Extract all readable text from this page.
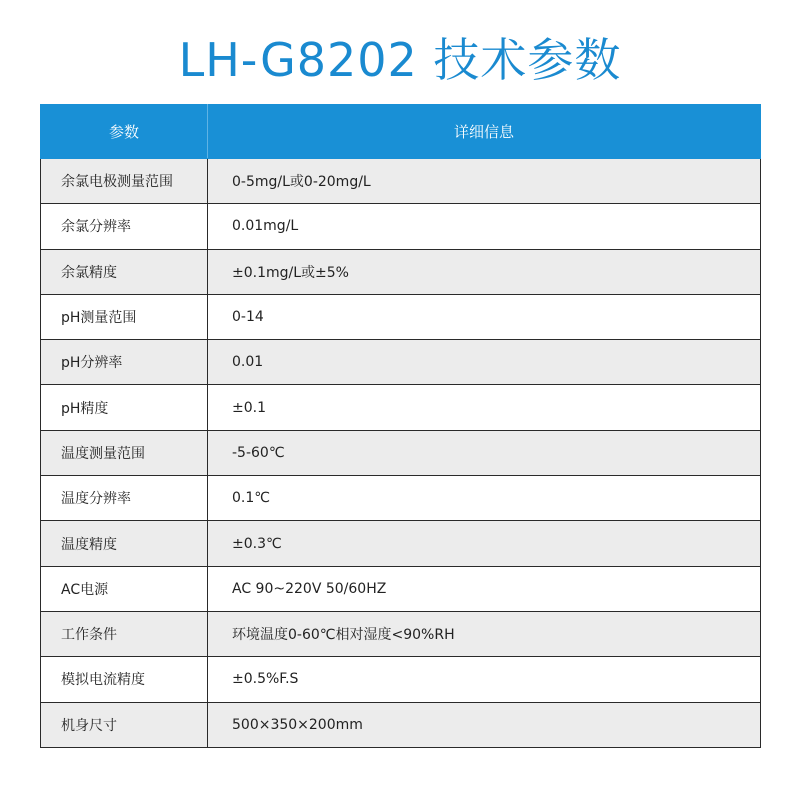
LH-G8202 技术参数
参数	详细信息
余氯电极测量范围	0-5mg/L或0-20mg/L
余氯分辨率	0.01mg/L
余氯精度	±0.1mg/L或±5%
pH测量范围	0-14
pH分辨率	0.01
pH精度	±0.1
温度测量范围	-5-60℃
温度分辨率	0.1℃
温度精度	±0.3℃
AC电源	AC 90~220V 50/60HZ
工作条件	环境温度0-60℃相对湿度<90%RH
模拟电流精度	±0.5%F.S
机身尺寸	500×350×200mm
